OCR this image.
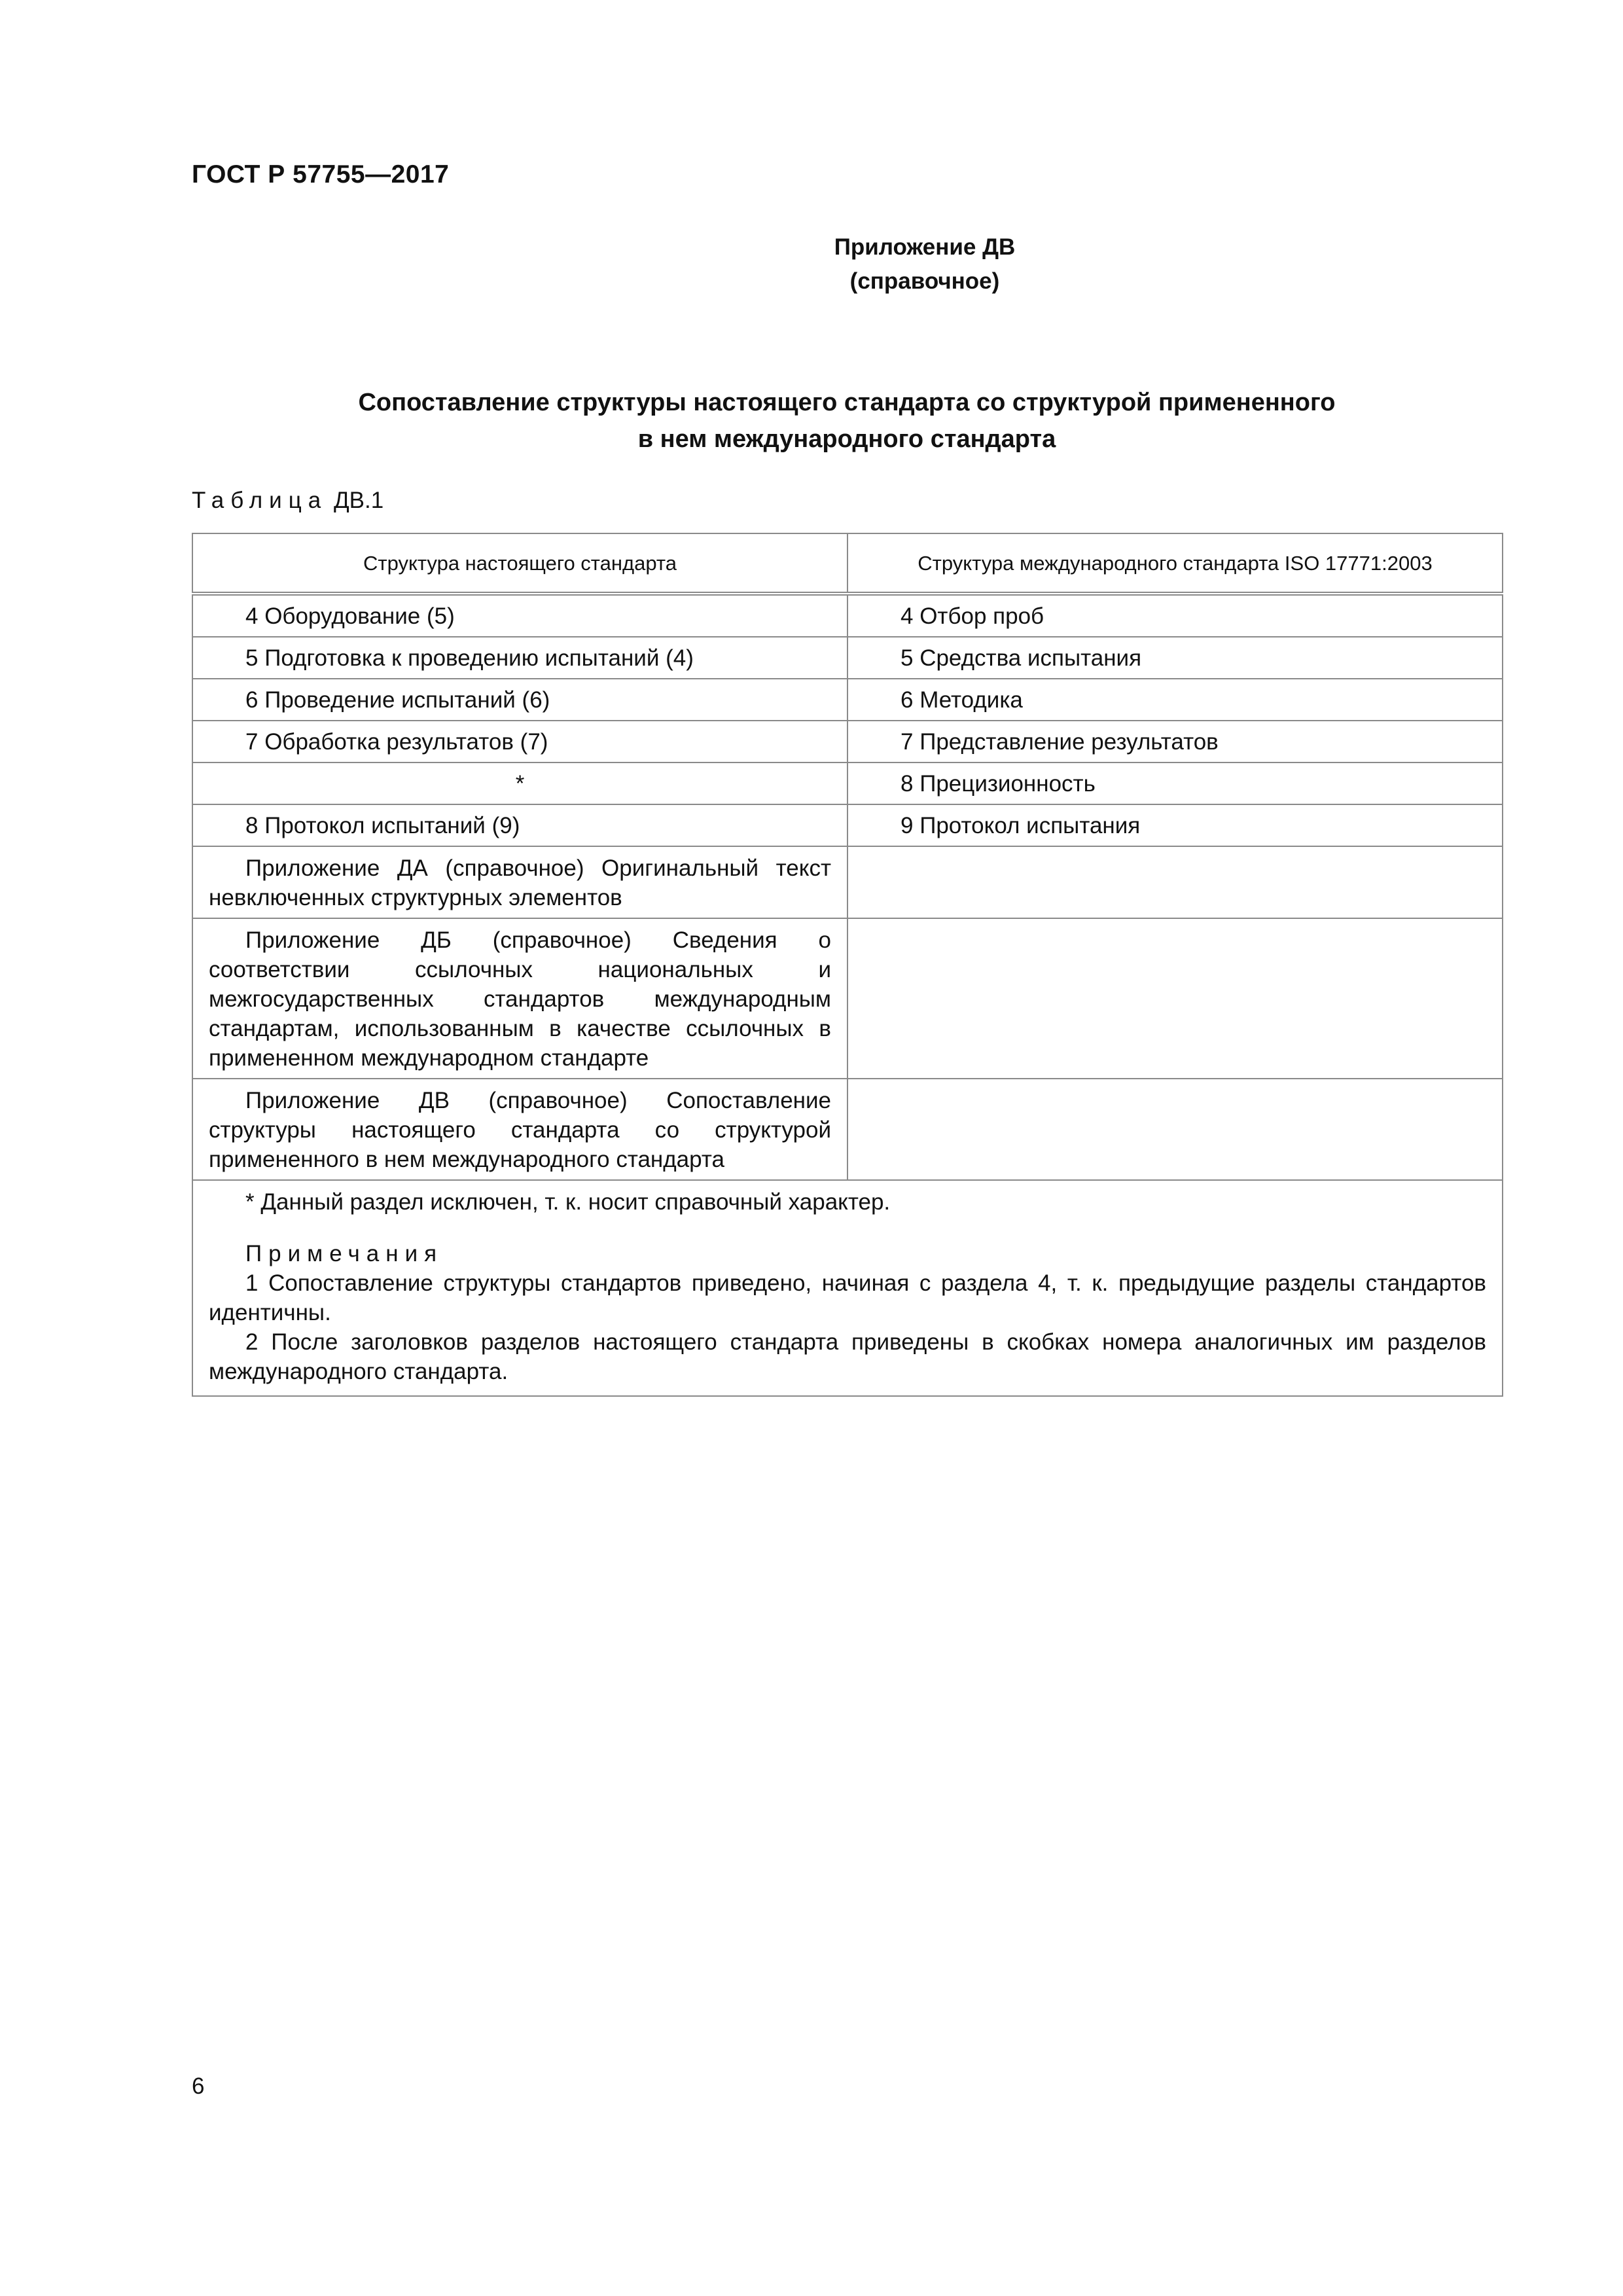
ГОСТ Р 57755—2017
Приложение ДВ
(справочное)
Сопоставление структуры настоящего стандарта со структурой примененного
в нем международного стандарта
Таблица ДВ.1
Структура настоящего стандарта	Структура международного стандарта ISO 17771:2003

4 Оборудование (5)	4 Отбор проб

5 Подготовка к проведению испытаний (4)	5 Средства испытания

6 Проведение испытаний (6)	6 Методика

7 Обработка результатов (7)	7 Представление результатов

*	8 Прецизионность

8 Протокол испытаний (9)	9 Протокол испытания

Приложение ДА (справочное) Оригинальный текст невключенных структурных элементов	

Приложение ДБ (справочное) Сведения о соответствии ссылочных национальных и межгосударственных стандартов международным стандартам, использованным в качестве ссылочных в примененном международном стандарте	

Приложение ДВ (справочное) Сопоставление структуры настоящего стандарта со структурой примененного в нем международного стандарта	

* Данный раздел исключен, т. к. носит справочный характер.

Примечания

1 Сопоставление структуры стандартов приведено, начиная с раздела 4, т. к. предыдущие разделы стандартов идентичны.

2 После заголовков разделов настоящего стандарта приведены в скобках номера аналогичных им разделов международного стандарта.	

6
